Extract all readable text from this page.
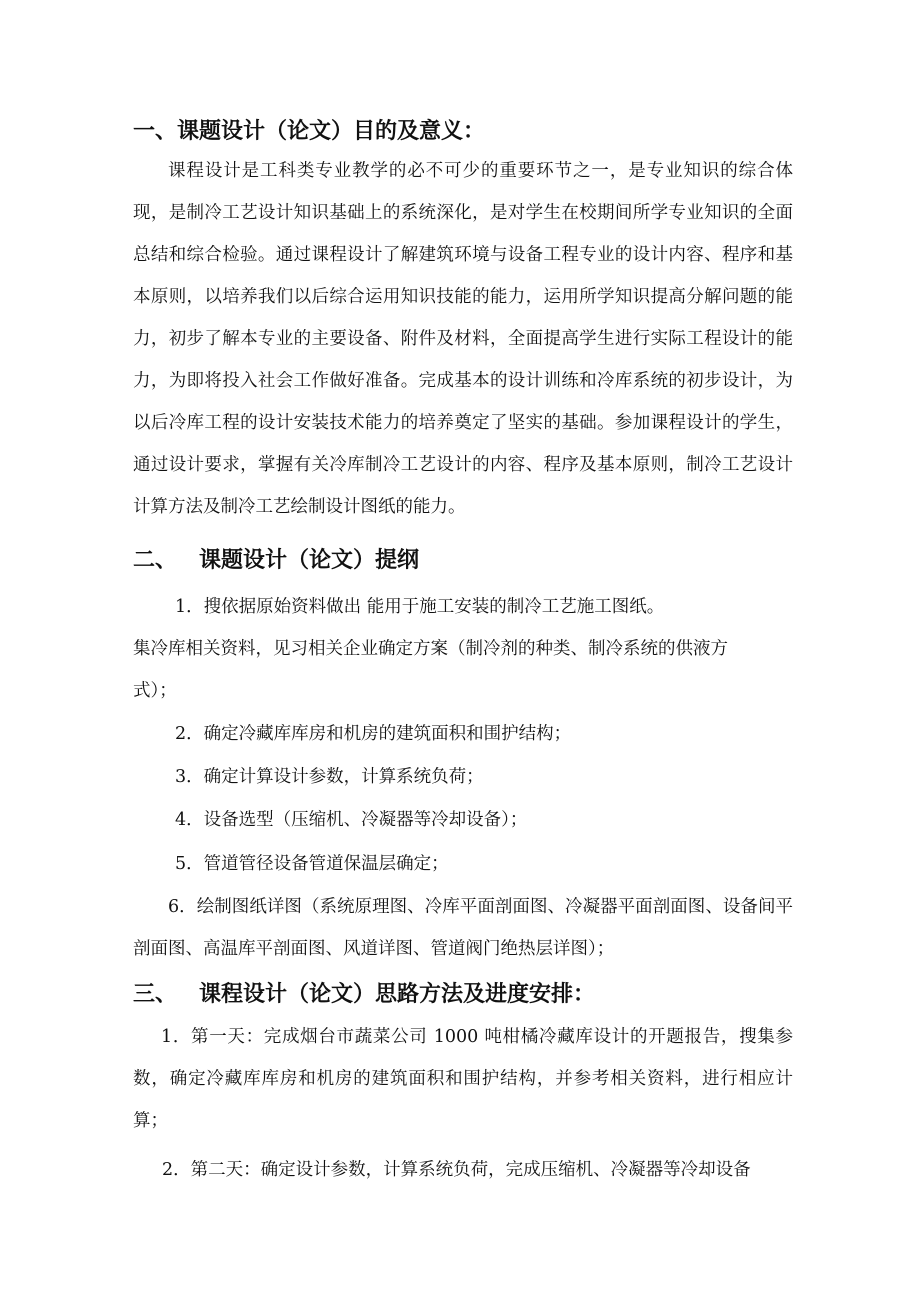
一、课题设计（论文）目的及意义：
课程设计是工科类专业教学的必不可少的重要环节之一，是专业知识的综合体现，是制冷工艺设计知识基础上的系统深化，是对学生在校期间所学专业知识的全面总结和综合检验。通过课程设计了解建筑环境与设备工程专业的设计内容、程序和基本原则，以培养我们以后综合运用知识技能的能力，运用所学知识提高分解问题的能力，初步了解本专业的主要设备、附件及材料，全面提高学生进行实际工程设计的能力，为即将投入社会工作做好准备。完成基本的设计训练和冷库系统的初步设计，为以后冷库工程的设计安装技术能力的培养奠定了坚实的基础。参加课程设计的学生，通过设计要求，掌握有关冷库制冷工艺设计的内容、程序及基本原则，制冷工艺设计计算方法及制冷工艺绘制设计图纸的能力。
二、 课题设计（论文）提纲
1．搜依据原始资料做出 能用于施工安装的制冷工艺施工图纸。
集冷库相关资料，见习相关企业确定方案（制冷剂的种类、制冷系统的供液方
式）；
2．确定冷藏库库房和机房的建筑面积和围护结构；
3．确定计算设计参数，计算系统负荷；
4．设备选型（压缩机、冷凝器等冷却设备）；
5．管道管径设备管道保温层确定；
6．绘制图纸详图（系统原理图、冷库平面剖面图、冷凝器平面剖面图、设备间平剖面图、高温库平剖面图、风道详图、管道阀门绝热层详图）；
三、 课程设计（论文）思路方法及进度安排：
1．第一天：完成烟台市蔬菜公司 1000 吨柑橘冷藏库设计的开题报告，搜集参数，确定冷藏库库房和机房的建筑面积和围护结构，并参考相关资料，进行相应计算；
2．第二天：确定设计参数，计算系统负荷，完成压缩机、冷凝器等冷却设备
